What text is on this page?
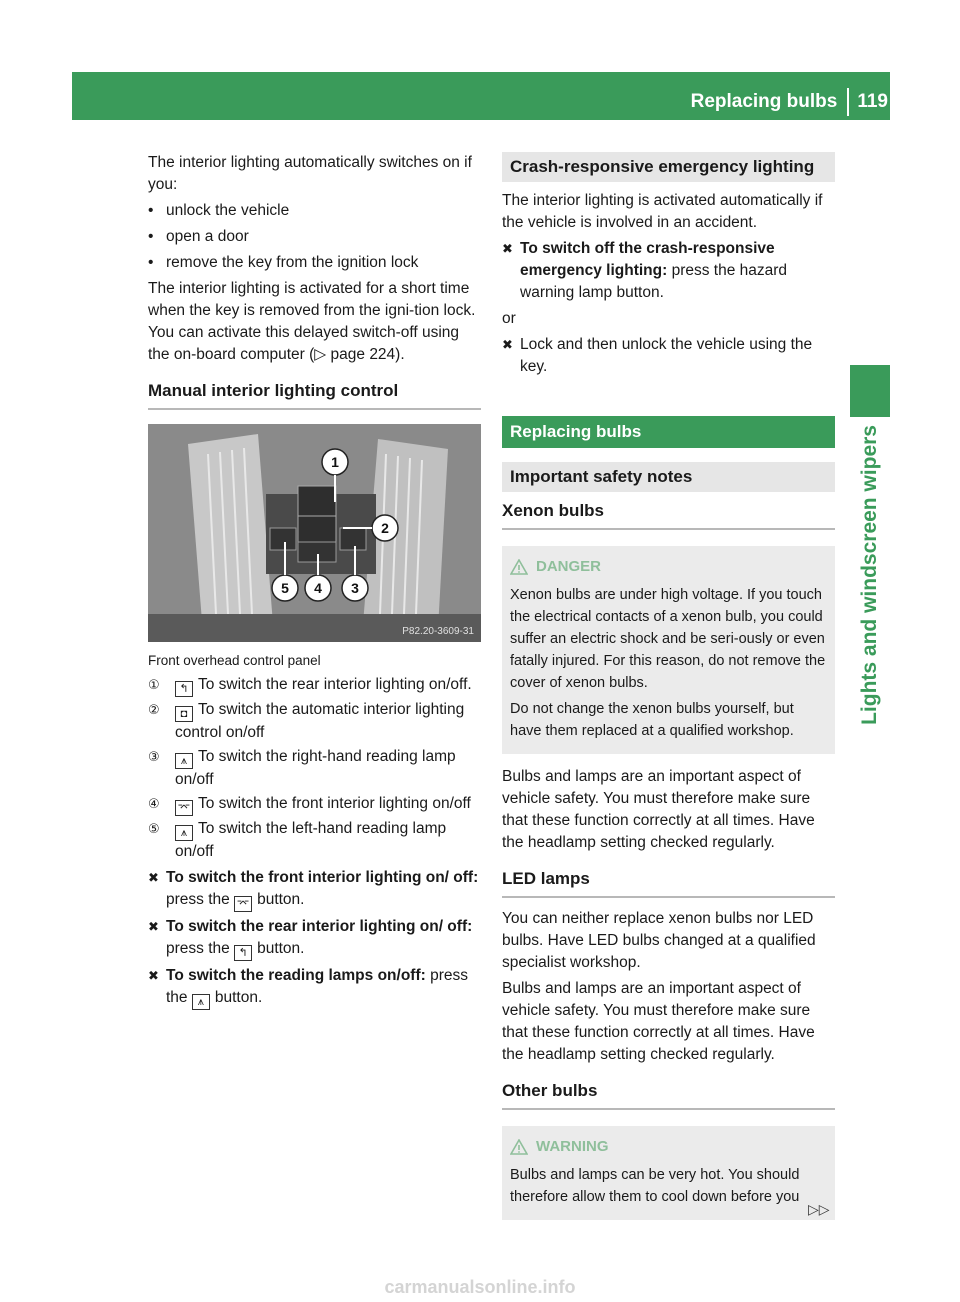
Replacing bulbs 119
Lights and windscreen wipers

The interior lighting automatically switches on if you:

• unlock the vehicle
• open a door
• remove the key from the ignition lock

The interior lighting is activated for a short time when the key is removed from the igni-tion lock. You can activate this delayed switch-off using the on-board computer (▷ page 224).

Manual interior lighting control
1
2
3
4
5
P82.20-3609-31
Front overhead control panel
①	↰ To switch the rear interior lighting on/off.
②	◘ To switch the automatic interior lighting control on/off
③	⩚ To switch the right-hand reading lamp on/off
④	⌤ To switch the front interior lighting on/off
⑤	⩚ To switch the left-hand reading lamp on/off
✖ To switch the front interior lighting on/ off: press the ⌤ button.
✖ To switch the rear interior lighting on/ off: press the ↰ button.
✖ To switch the reading lamps on/off: press the ⩚ button.
Crash-responsive emergency lighting

The interior lighting is activated automatically if the vehicle is involved in an accident.

✖ To switch off the crash-responsive emergency lighting: press the hazard warning lamp button.

or

✖ Lock and then unlock the vehicle using the key.
Replacing bulbs
Important safety notes
Xenon bulbs
DANGER

Xenon bulbs are under high voltage. If you touch the electrical contacts of a xenon bulb, you could suffer an electric shock and be seri-ously or even fatally injured. For this reason, do not remove the cover of xenon bulbs.

Do not change the xenon bulbs yourself, but have them replaced at a qualified workshop.

Bulbs and lamps are an important aspect of vehicle safety. You must therefore make sure that these function correctly at all times. Have the headlamp setting checked regularly.

LED lamps

You can neither replace xenon bulbs nor LED bulbs. Have LED bulbs changed at a qualified specialist workshop.

Bulbs and lamps are an important aspect of vehicle safety. You must therefore make sure that these function correctly at all times. Have the headlamp setting checked regularly.

Other bulbs
WARNING

Bulbs and lamps can be very hot. You should therefore allow them to cool down before you

▷▷
carmanualsonline.info
